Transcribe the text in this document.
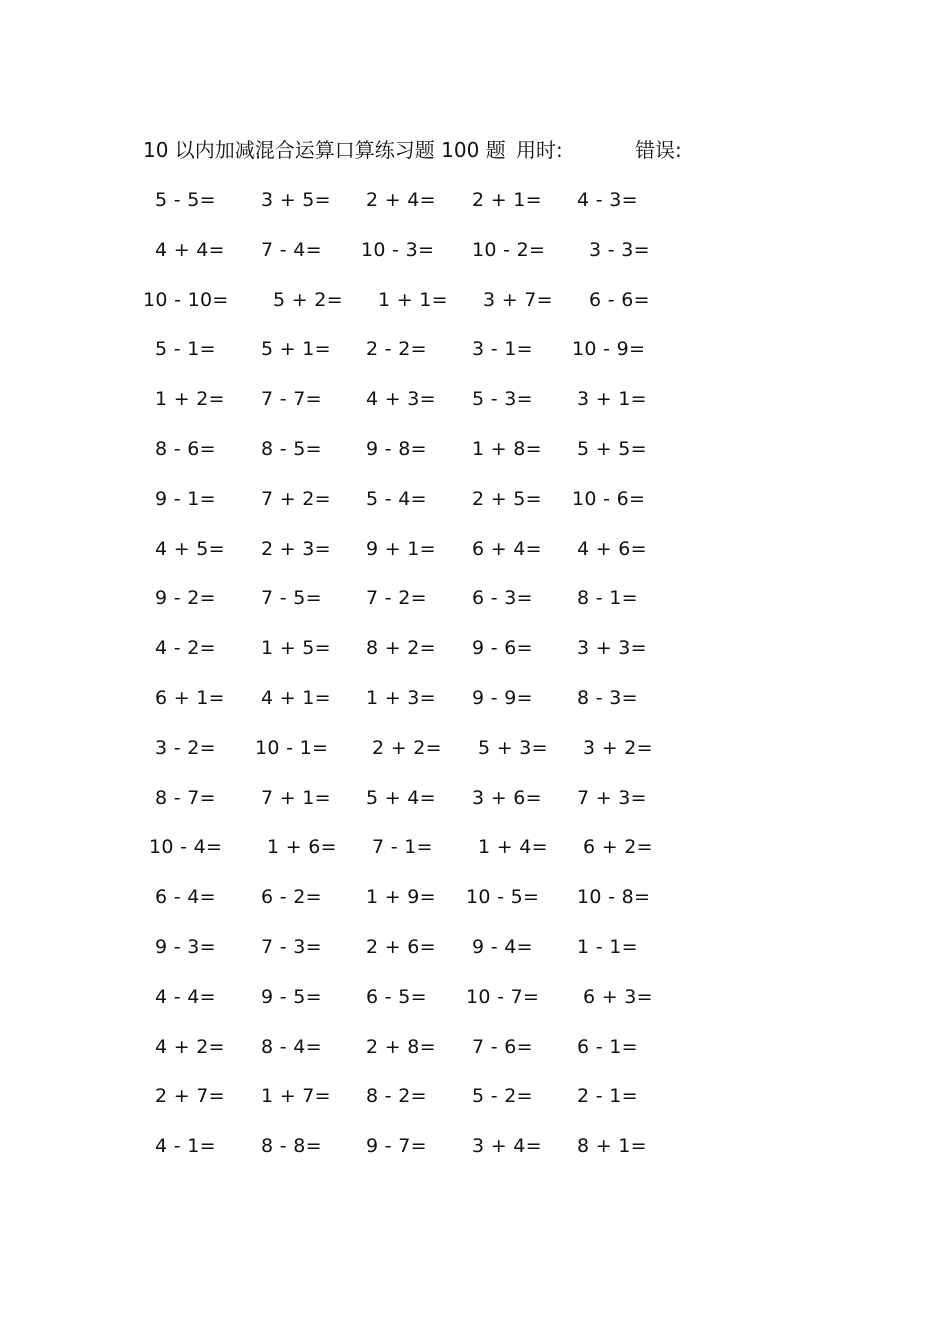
10 以内加减混合运算口算练习题 100 题 用时:	错误:
5 - 5= 3 + 5= 2 + 4= 2 + 1= 4 - 3=
4 + 4= 7 - 4= 10 - 3= 10 - 2= 3 - 3=
10 - 10= 5 + 2= 1 + 1= 3 + 7= 6 - 6=
5 - 1= 5 + 1= 2 - 2= 3 - 1= 10 - 9=
1 + 2= 7 - 7= 4 + 3= 5 - 3= 3 + 1=
8 - 6= 8 - 5= 9 - 8= 1 + 8= 5 + 5=
9 - 1= 7 + 2= 5 - 4= 2 + 5= 10 - 6=
4 + 5= 2 + 3= 9 + 1= 6 + 4= 4 + 6=
9 - 2= 7 - 5= 7 - 2= 6 - 3= 8 - 1=
4 - 2= 1 + 5= 8 + 2= 9 - 6= 3 + 3=
6 + 1= 4 + 1= 1 + 3= 9 - 9= 8 - 3=
3 - 2= 10 - 1= 2 + 2= 5 + 3= 3 + 2=
8 - 7= 7 + 1= 5 + 4= 3 + 6= 7 + 3=
10 - 4= 1 + 6= 7 - 1= 1 + 4= 6 + 2=
6 - 4= 6 - 2= 1 + 9= 10 - 5= 10 - 8=
9 - 3= 7 - 3= 2 + 6= 9 - 4= 1 - 1=
4 - 4= 9 - 5= 6 - 5= 10 - 7= 6 + 3=
4 + 2= 8 - 4= 2 + 8= 7 - 6= 6 - 1=
2 + 7= 1 + 7= 8 - 2= 5 - 2= 2 - 1=
4 - 1= 8 - 8= 9 - 7= 3 + 4= 8 + 1=
